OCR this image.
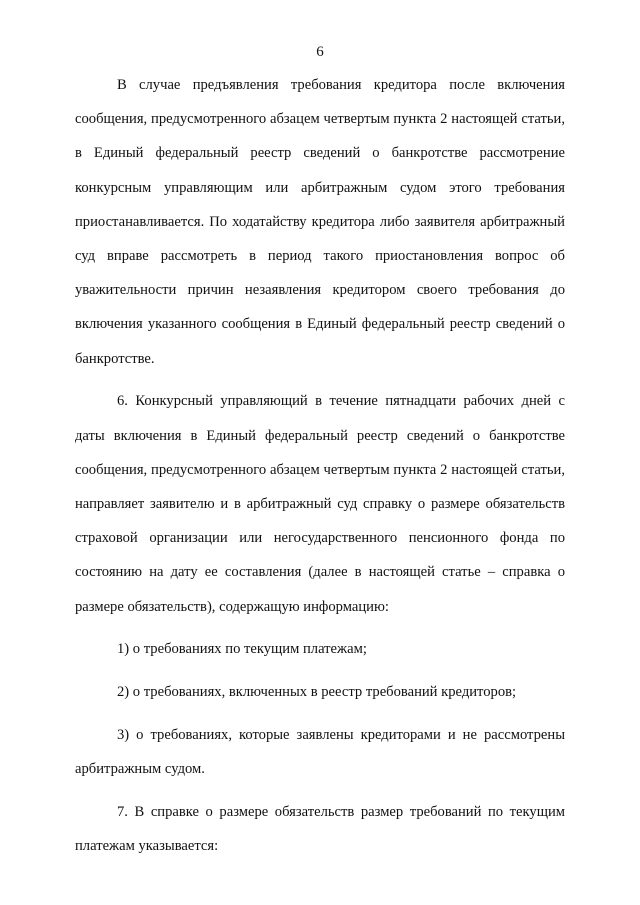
6

В случае предъявления требования кредитора после включения сообщения, предусмотренного абзацем четвертым пункта 2 настоящей статьи, в Единый федеральный реестр сведений о банкротстве рассмотрение конкурсным управляющим или арбитражным судом этого требования приостанавливается. По ходатайству кредитора либо заявителя арбитражный суд вправе рассмотреть в период такого приостановления вопрос об уважительности причин незаявления кредитором своего требования до включения указанного сообщения в Единый федеральный реестр сведений о банкротстве.

6. Конкурсный управляющий в течение пятнадцати рабочих дней с даты включения в Единый федеральный реестр сведений о банкротстве сообщения, предусмотренного абзацем четвертым пункта 2 настоящей статьи, направляет заявителю и в арбитражный суд справку о размере обязательств страховой организации или негосударственного пенсионного фонда по состоянию на дату ее составления (далее в настоящей статье – справка о размере обязательств), содержащую информацию:

1) о требованиях по текущим платежам;

2) о требованиях, включенных в реестр требований кредиторов;

3) о требованиях, которые заявлены кредиторами и не рассмотрены арбитражным судом.

7. В справке о размере обязательств размер требований по текущим платежам указывается:
